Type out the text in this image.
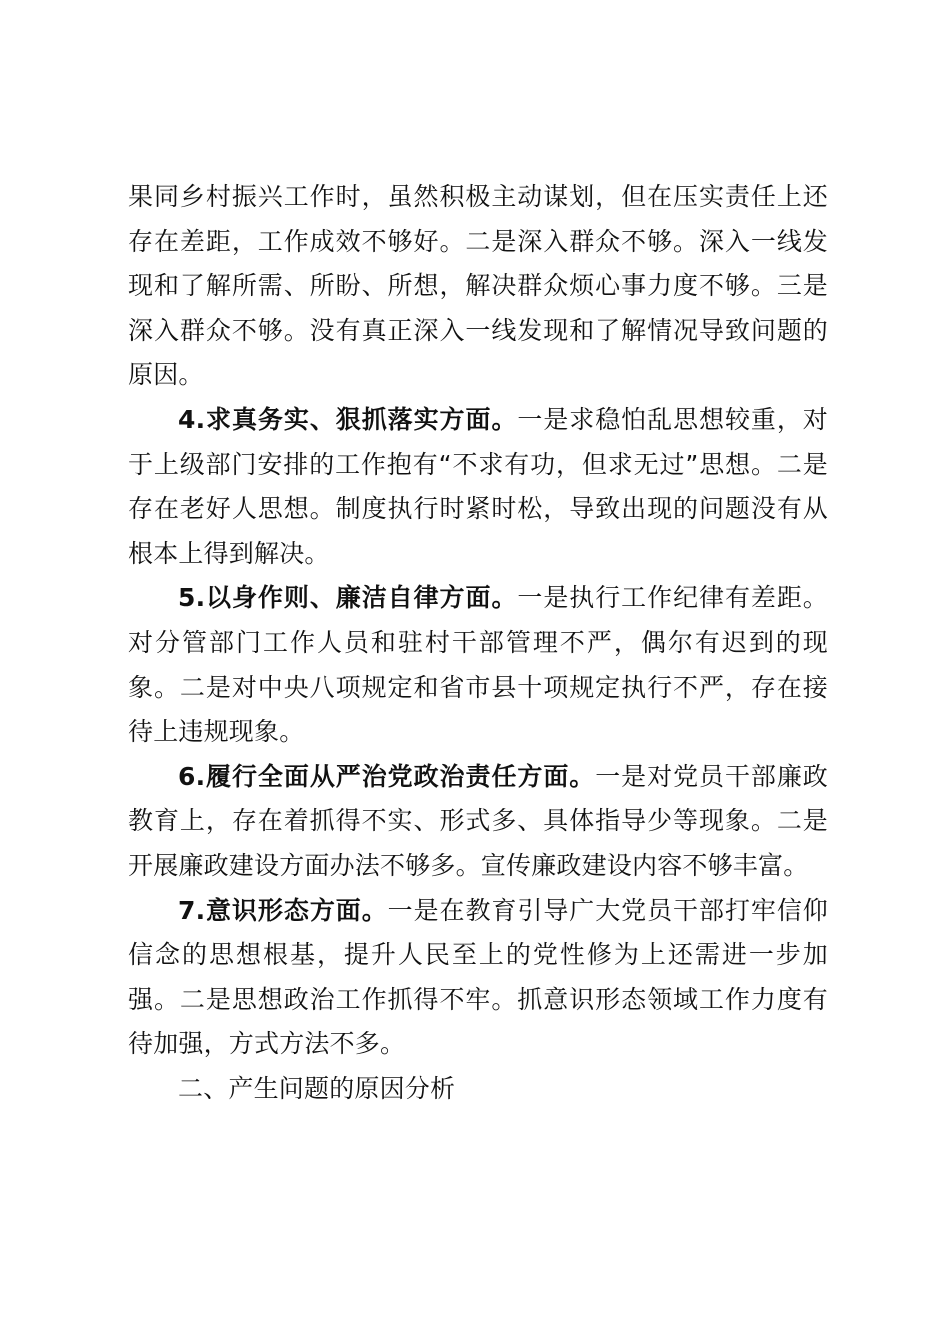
果同乡村振兴工作时，虽然积极主动谋划，但在压实责任上还存在差距，工作成效不够好。二是深入群众不够。深入一线发现和了解所需、所盼、所想，解决群众烦心事力度不够。三是深入群众不够。没有真正深入一线发现和了解情况导致问题的原因。

4.求真务实、狠抓落实方面。一是求稳怕乱思想较重，对于上级部门安排的工作抱有“不求有功，但求无过”思想。二是存在老好人思想。制度执行时紧时松，导致出现的问题没有从根本上得到解决。

5.以身作则、廉洁自律方面。一是执行工作纪律有差距。对分管部门工作人员和驻村干部管理不严，偶尔有迟到的现象。二是对中央八项规定和省市县十项规定执行不严，存在接待上违规现象。

6.履行全面从严治党政治责任方面。一是对党员干部廉政教育上，存在着抓得不实、形式多、具体指导少等现象。二是开展廉政建设方面办法不够多。宣传廉政建设内容不够丰富。

7.意识形态方面。一是在教育引导广大党员干部打牢信仰信念的思想根基，提升人民至上的党性修为上还需进一步加强。二是思想政治工作抓得不牢。抓意识形态领域工作力度有待加强，方式方法不多。

二、产生问题的原因分析
